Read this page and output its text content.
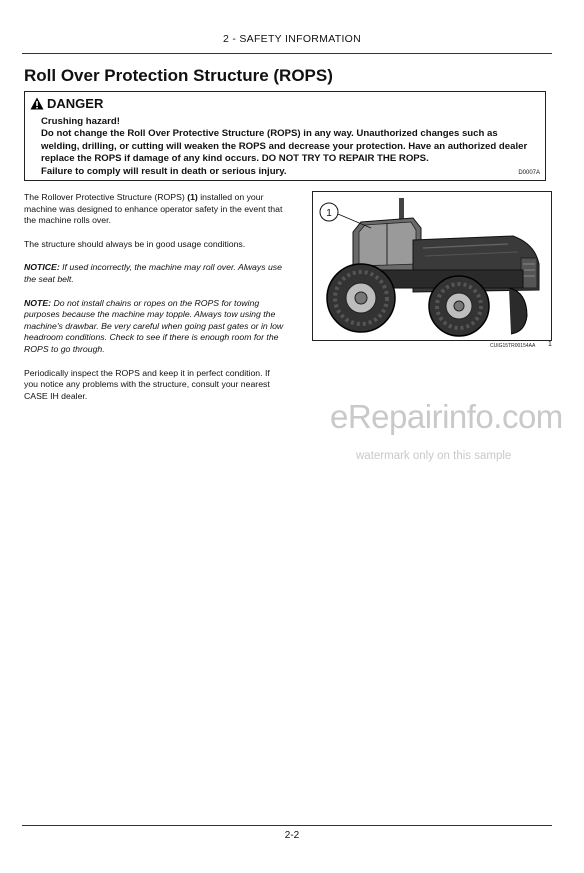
2 - SAFETY INFORMATION
Roll Over Protection Structure (ROPS)
DANGER
Crushing hazard!
Do not change the Roll Over Protective Structure (ROPS) in any way. Unauthorized changes such as welding, drilling, or cutting will weaken the ROPS and decrease your protection. Have an authorized dealer replace the ROPS if damage of any kind occurs. DO NOT TRY TO REPAIR THE ROPS.
Failure to comply will result in death or serious injury.	D0007A

The Rollover Protective Structure (ROPS) (1) installed on your machine was designed to enhance operator safety in the event that the machine rolls over.

The structure should always be in good usage conditions.

NOTICE: If used incorrectly, the machine may roll over. Always use the seat belt.

NOTE: Do not install chains or ropes on the ROPS for towing purposes because the machine may topple. Always tow using the machine's drawbar. Be very careful when going past gates or in low headroom conditions. Check to see if there is enough room for the ROPS to go through.

Periodically inspect the ROPS and keep it in perfect condition. If you notice any problems with the structure, consult your nearest CASE IH dealer.

1
CUIG15TR00154AA 1
eRepairinfo.com
watermark only on this sample
2-2
